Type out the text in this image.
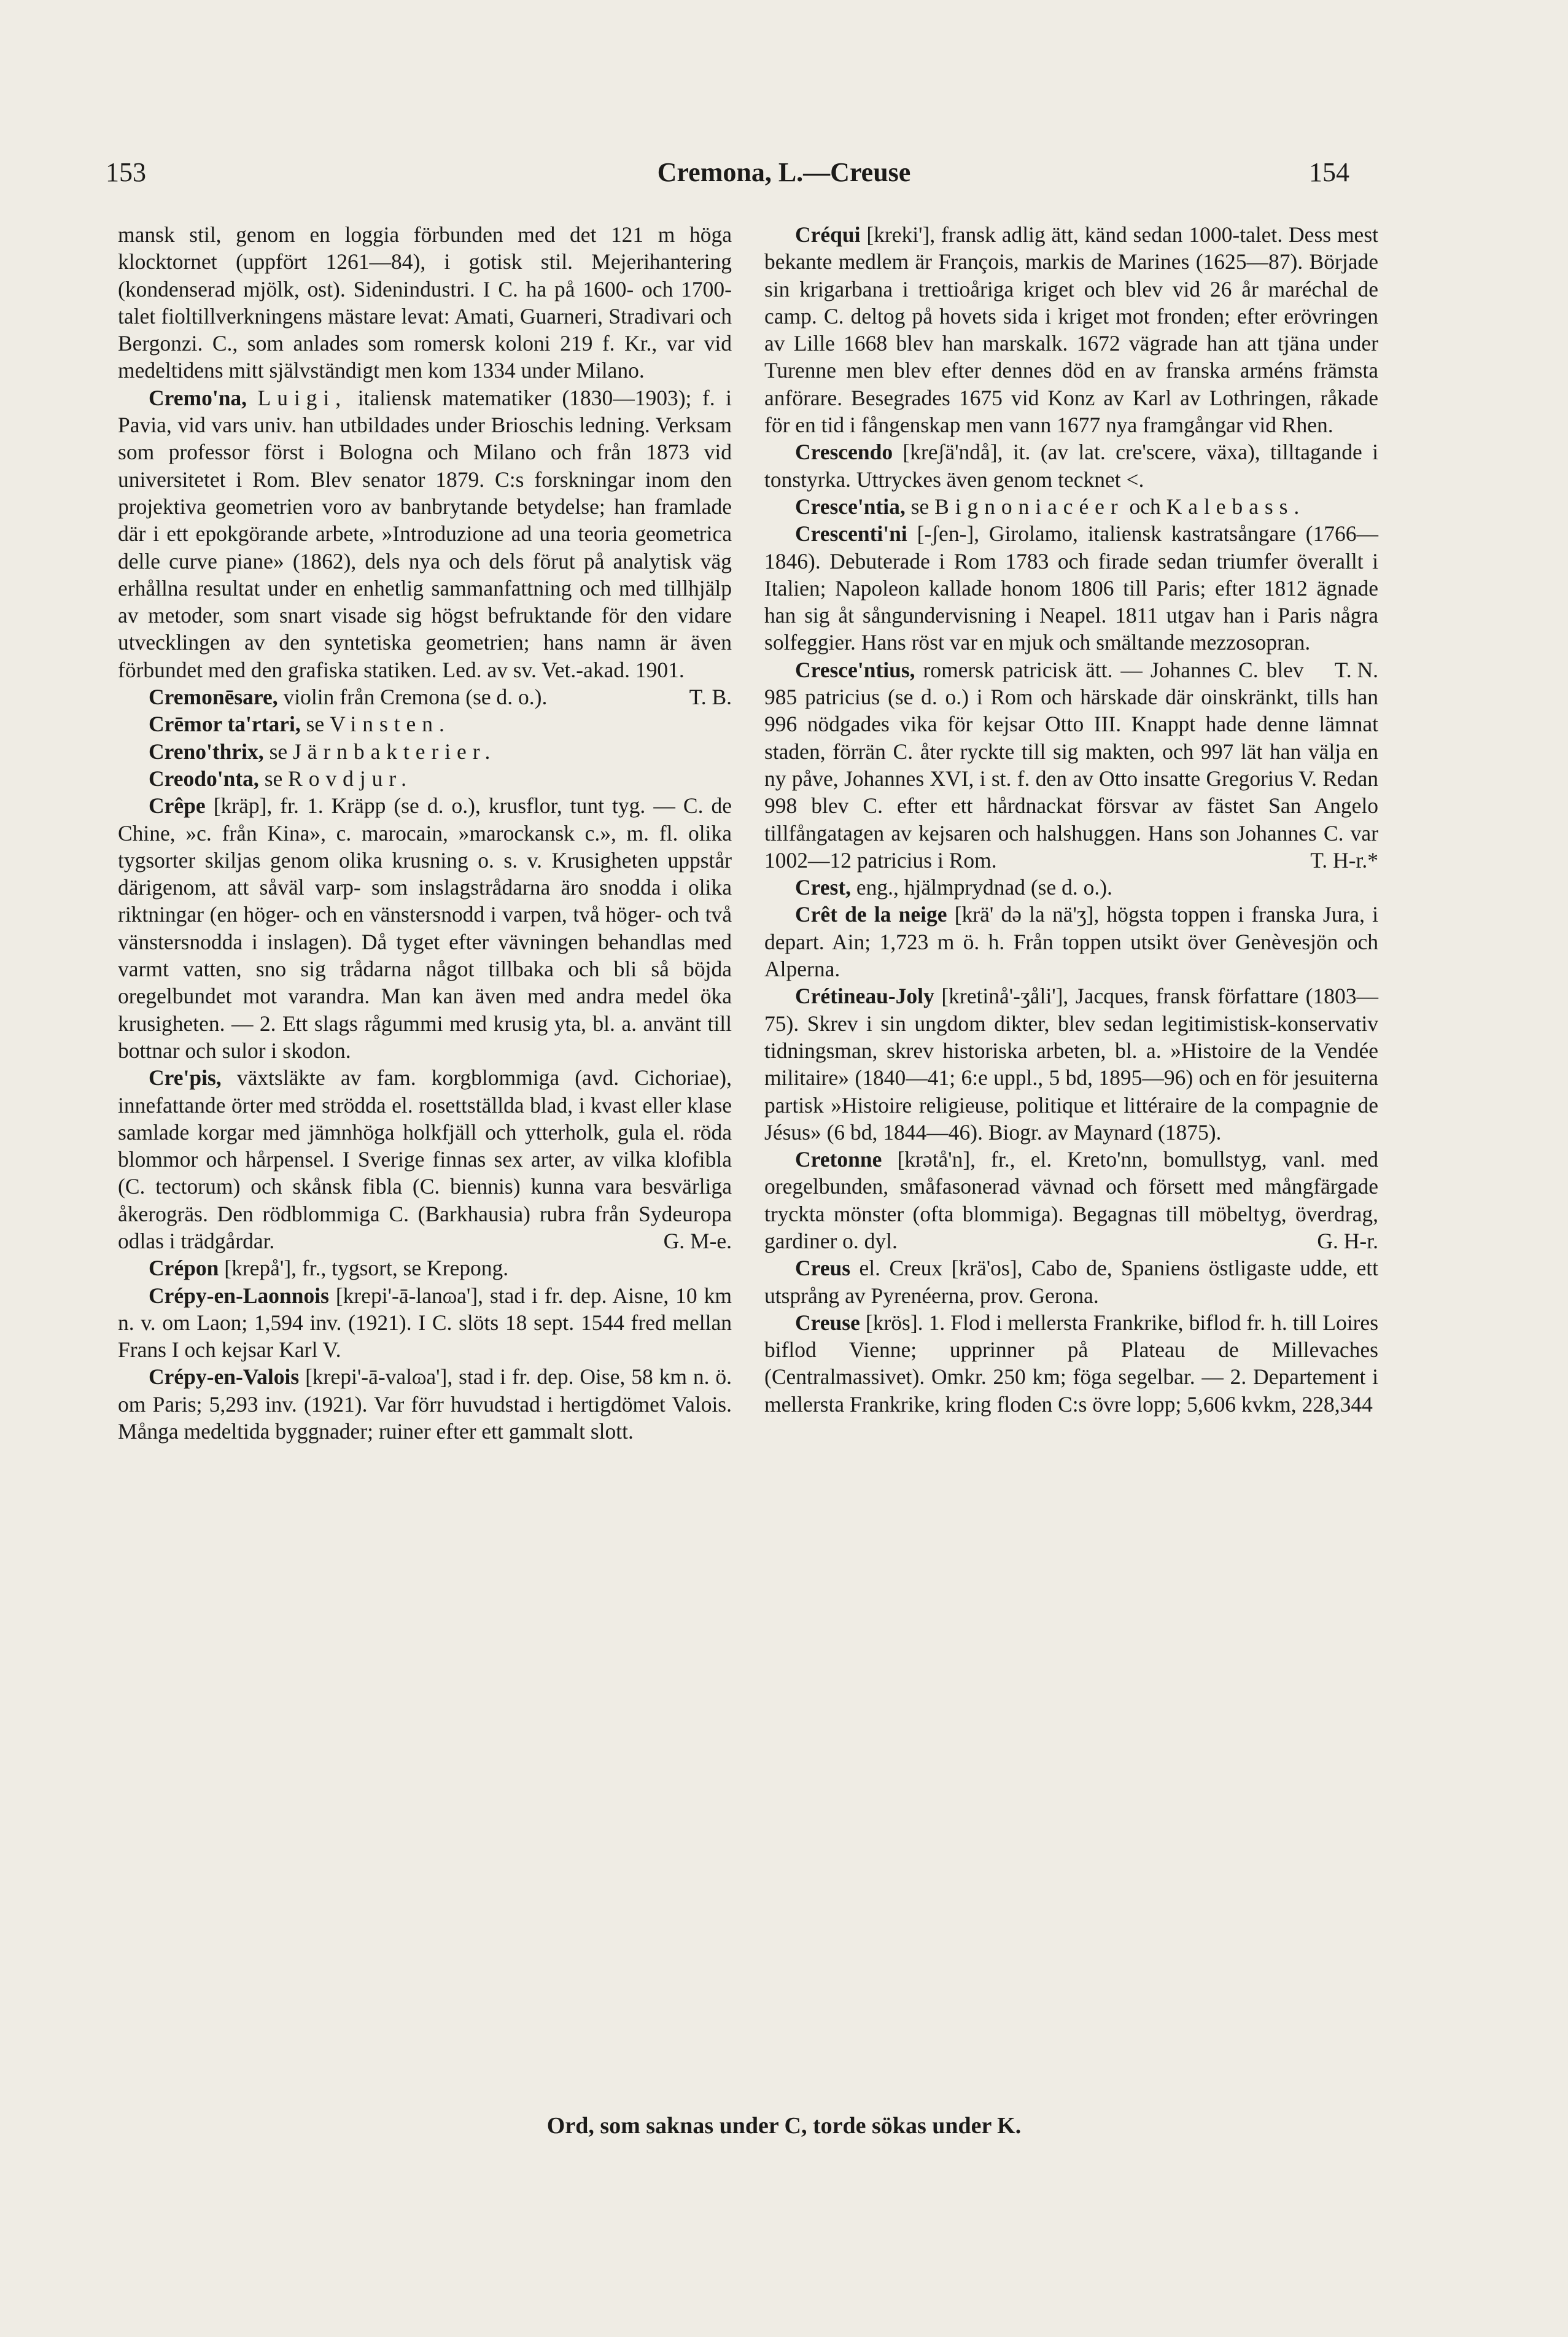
153	Cremona, L.—Creuse	154

mansk stil, genom en loggia förbunden med det 121 m höga klocktornet (uppfört 1261—84), i gotisk stil. Mejerihantering (kondenserad mjölk, ost). Sidenindustri. I C. ha på 1600- och 1700-talet fioltillverkningens mästare levat: Amati, Guarneri, Stradivari och Bergonzi. C., som anlades som romersk koloni 219 f. Kr., var vid medeltidens mitt självständigt men kom 1334 under Milano.

Cremo'na, Luigi, italiensk matematiker (1830—1903); f. i Pavia, vid vars univ. han utbildades under Brioschis ledning. Verksam som professor först i Bologna och Milano och från 1873 vid universitetet i Rom. Blev senator 1879. C:s forskningar inom den projektiva geometrien voro av banbrytande betydelse; han framlade där i ett epokgörande arbete, »Introduzione ad una teoria geometrica delle curve piane» (1862), dels nya och dels förut på analytisk väg erhållna resultat under en enhetlig sammanfattning och med tillhjälp av metoder, som snart visade sig högst befruktande för den vidare utvecklingen av den syntetiska geometrien; hans namn är även förbundet med den grafiska statiken. Led. av sv. Vet.-akad. 1901.
T. B.

Cremonēsare, violin från Cremona (se d. o.).

Crēmor ta'rtari, se Vinsten.

Creno'thrix, se Järnbakterier.

Creodo'nta, se Rovdjur.

Crêpe [kräp], fr. 1. Kräpp (se d. o.), krusflor, tunt tyg. — C. de Chine, »c. från Kina», c. marocain, »marockansk c.», m. fl. olika tygsorter skiljas genom olika krusning o. s. v. Krusigheten uppstår därigenom, att såväl varp- som inslagstrådarna äro snodda i olika riktningar (en höger- och en vänstersnodd i varpen, två höger- och två vänstersnodda i inslagen). Då tyget efter vävningen behandlas med varmt vatten, sno sig trådarna något tillbaka och bli så böjda oregelbundet mot varandra. Man kan även med andra medel öka krusigheten. — 2. Ett slags rågummi med krusig yta, bl. a. använt till bottnar och sulor i skodon.

Cre'pis, växtsläkte av fam. korgblommiga (avd. Cichoriae), innefattande örter med strödda el. rosettställda blad, i kvast eller klase samlade korgar med jämnhöga holkfjäll och ytterholk, gula el. röda blommor och hårpensel. I Sverige finnas sex arter, av vilka klofibla (C. tectorum) och skånsk fibla (C. biennis) kunna vara besvärliga åkerogräs. Den rödblommiga C. (Barkhausia) rubra från Sydeuropa odlas i trädgårdar.	G. M-e.

Crépon [krepå'], fr., tygsort, se Krepong.

Crépy-en-Laonnois [krepi'-ā-lanɷa'], stad i fr. dep. Aisne, 10 km n. v. om Laon; 1,594 inv. (1921). I C. slöts 18 sept. 1544 fred mellan Frans I och kejsar Karl V.

Crépy-en-Valois [krepi'-ā-valɷa'], stad i fr. dep. Oise, 58 km n. ö. om Paris; 5,293 inv. (1921). Var förr huvudstad i hertigdömet Valois. Många medeltida byggnader; ruiner efter ett gammalt slott.

Créqui [kreki'], fransk adlig ätt, känd sedan 1000-talet. Dess mest bekante medlem är François, markis de Marines (1625—87). Började sin krigarbana i trettioåriga kriget och blev vid 26 år maréchal de camp. C. deltog på hovets sida i kriget mot fronden; efter erövringen av Lille 1668 blev han marskalk. 1672 vägrade han att tjäna under Turenne men blev efter dennes död en av franska arméns främsta anförare. Besegrades 1675 vid Konz av Karl av Lothringen, råkade för en tid i fångenskap men vann 1677 nya framgångar vid Rhen.

Crescendo [kreʃä'ndå], it. (av lat. cre'scere, växa), tilltagande i tonstyrka. Uttryckes även genom tecknet <.

Cresce'ntia, se Bignoniacéer och Kalebass.

Crescenti'ni [-ʃen-], Girolamo, italiensk kastratsångare (1766—1846). Debuterade i Rom 1783 och firade sedan triumfer överallt i Italien; Napoleon kallade honom 1806 till Paris; efter 1812 ägnade han sig åt sångundervisning i Neapel. 1811 utgav han i Paris några solfeggier. Hans röst var en mjuk och smältande mezzosopran.
T. N.

Cresce'ntius, romersk patricisk ätt. — Johannes C. blev 985 patricius (se d. o.) i Rom och härskade där oinskränkt, tills han 996 nödgades vika för kejsar Otto III. Knappt hade denne lämnat staden, förrän C. åter ryckte till sig makten, och 997 lät han välja en ny påve, Johannes XVI, i st. f. den av Otto insatte Gregorius V. Redan 998 blev C. efter ett hårdnackat försvar av fästet San Angelo tillfångatagen av kejsaren och halshuggen. Hans son Johannes C. var 1002—12 patricius i Rom.	T. H-r.*

Crest, eng., hjälmprydnad (se d. o.).

Crêt de la neige [krä' də la nä'ʒ], högsta toppen i franska Jura, i depart. Ain; 1,723 m ö. h. Från toppen utsikt över Genèvesjön och Alperna.

Crétineau-Joly [kretinå'-ʒåli'], Jacques, fransk författare (1803—75). Skrev i sin ungdom dikter, blev sedan legitimistisk-konservativ tidningsman, skrev historiska arbeten, bl. a. »Histoire de la Vendée militaire» (1840—41; 6:e uppl., 5 bd, 1895—96) och en för jesuiterna partisk »Histoire religieuse, politique et littéraire de la compagnie de Jésus» (6 bd, 1844—46). Biogr. av Maynard (1875).

Cretonne [krətå'n], fr., el. Kreto'nn, bomullstyg, vanl. med oregelbunden, småfasonerad vävnad och försett med mångfärgade tryckta mönster (ofta blommiga). Begagnas till möbeltyg, överdrag, gardiner o. dyl.	G. H-r.

Creus el. Creux [krä'os], Cabo de, Spaniens östligaste udde, ett utsprång av Pyrenéerna, prov. Gerona.

Creuse [krös]. 1. Flod i mellersta Frankrike, biflod fr. h. till Loires biflod Vienne; upprinner på Plateau de Millevaches (Centralmassivet). Omkr. 250 km; föga segelbar. — 2. Departement i mellersta Frankrike, kring floden C:s övre lopp; 5,606 kvkm, 228,344

Ord, som saknas under C, torde sökas under K.
